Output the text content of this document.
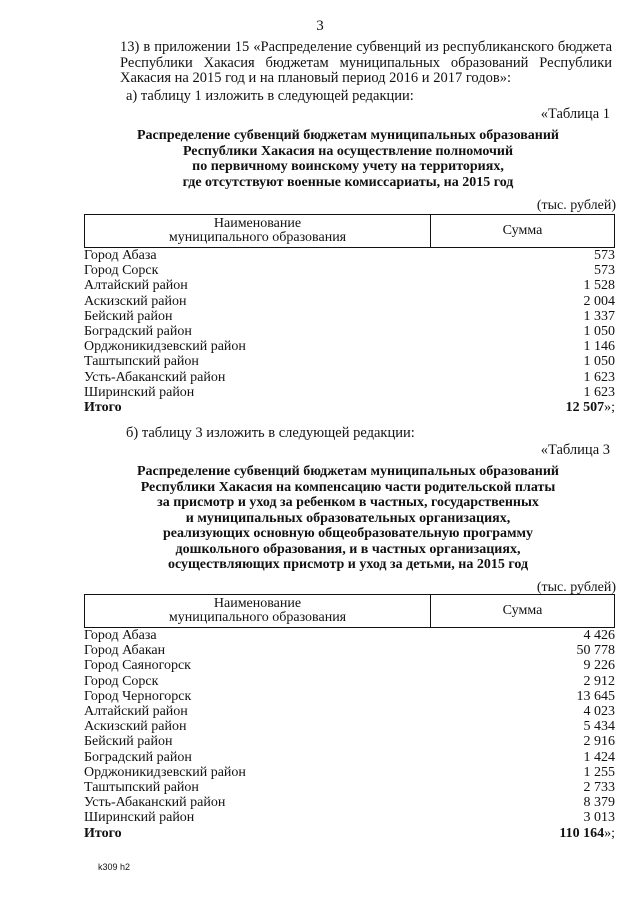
3
13) в приложении 15 «Распределение субвенций из республиканского бюджета Республики Хакасия бюджетам муниципальных образований Республики Хакасия на 2015 год и на плановый период 2016 и 2017 годов»:
а) таблицу 1 изложить в следующей редакции:
«Таблица 1
Распределение субвенций бюджетам муниципальных образований
Республики Хакасия на осуществление полномочий
по первичному воинскому учету на территориях,
где отсутствуют военные комиссариаты, на 2015 год
(тыс. рублей)
Наименование
муниципального образования	Сумма
Город Абаза	573
Город Сорск	573
Алтайский район	1 528
Аскизский район	2 004
Бейский район	1 337
Боградский район	1 050
Орджоникидзевский район	1 146
Таштыпский район	1 050
Усть-Абаканский район	1 623
Ширинский район	1 623
Итого	12 507»;
б) таблицу 3 изложить в следующей редакции:
«Таблица 3
Распределение субвенций бюджетам муниципальных образований
Республики Хакасия на компенсацию части родительской платы
за присмотр и уход за ребенком в частных, государственных
и муниципальных образовательных организациях,
реализующих основную общеобразовательную программу
дошкольного образования, и в частных организациях,
осуществляющих присмотр и уход за детьми, на 2015 год
(тыс. рублей)
Наименование
муниципального образования	Сумма
Город Абаза	4 426
Город Абакан	50 778
Город Саяногорск	9 226
Город Сорск	2 912
Город Черногорск	13 645
Алтайский район	4 023
Аскизский район	5 434
Бейский район	2 916
Боградский район	1 424
Орджоникидзевский район	1 255
Таштыпский район	2 733
Усть-Абаканский район	8 379
Ширинский район	3 013
Итого	110 164»;
k309 h2
